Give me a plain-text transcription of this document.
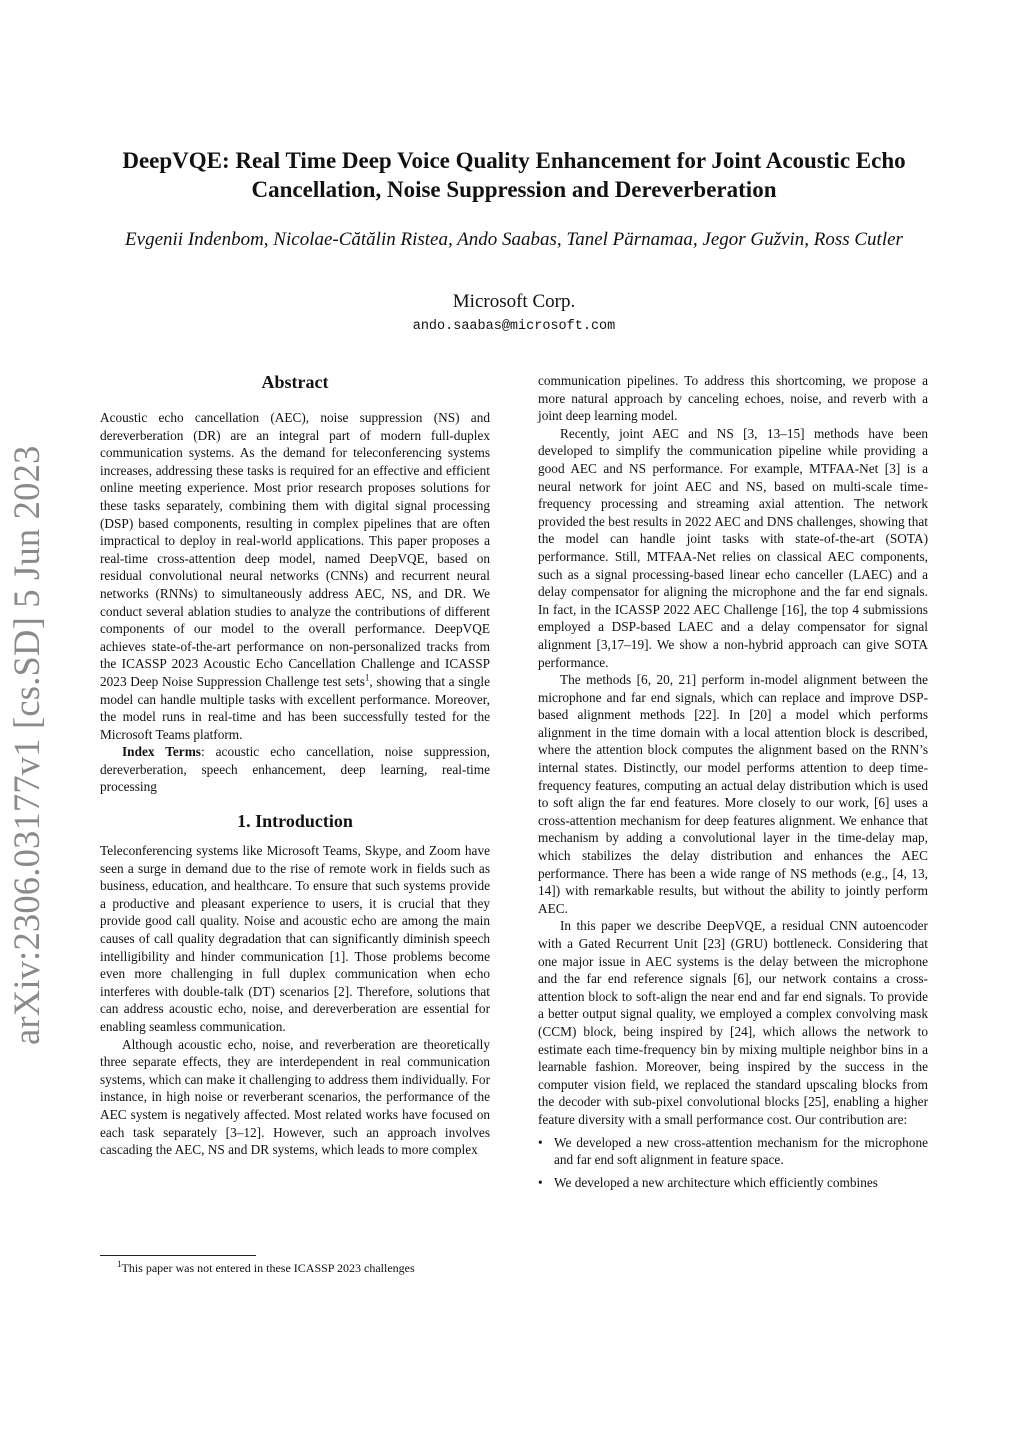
arXiv:2306.03177v1 [cs.SD] 5 Jun 2023
DeepVQE: Real Time Deep Voice Quality Enhancement for Joint Acoustic Echo Cancellation, Noise Suppression and Dereverberation
Evgenii Indenbom, Nicolae-Cătălin Ristea, Ando Saabas, Tanel Pärnamaa, Jegor Gužvin, Ross Cutler
Microsoft Corp.
ando.saabas@microsoft.com
Abstract

Acoustic echo cancellation (AEC), noise suppression (NS) and dereverberation (DR) are an integral part of modern full-duplex communication systems. As the demand for teleconferencing systems increases, addressing these tasks is required for an effective and efficient online meeting experience. Most prior research proposes solutions for these tasks separately, combining them with digital signal processing (DSP) based components, resulting in complex pipelines that are often impractical to deploy in real-world applications. This paper proposes a real-time cross-attention deep model, named DeepVQE, based on residual convolutional neural networks (CNNs) and recurrent neural networks (RNNs) to simultaneously address AEC, NS, and DR. We conduct several ablation studies to analyze the contributions of different components of our model to the overall performance. DeepVQE achieves state-of-the-art performance on non-personalized tracks from the ICASSP 2023 Acoustic Echo Cancellation Challenge and ICASSP 2023 Deep Noise Suppression Challenge test sets$^1$, showing that a single model can handle multiple tasks with excellent performance. Moreover, the model runs in real-time and has been successfully tested for the Microsoft Teams platform.

Index Terms: acoustic echo cancellation, noise suppression, dereverberation, speech enhancement, deep learning, real-time processing

1. Introduction

Teleconferencing systems like Microsoft Teams, Skype, and Zoom have seen a surge in demand due to the rise of remote work in fields such as business, education, and healthcare. To ensure that such systems provide a productive and pleasant experience to users, it is crucial that they provide good call quality. Noise and acoustic echo are among the main causes of call quality degradation that can significantly diminish speech intelligibility and hinder communication [1]. Those problems become even more challenging in full duplex communication when echo interferes with double-talk (DT) scenarios [2]. Therefore, solutions that can address acoustic echo, noise, and dereverberation are essential for enabling seamless communication.

Although acoustic echo, noise, and reverberation are theoretically three separate effects, they are interdependent in real communication systems, which can make it challenging to address them individually. For instance, in high noise or reverberant scenarios, the performance of the AEC system is negatively affected. Most related works have focused on each task separately [3–12]. However, such an approach involves cascading the AEC, NS and DR systems, which leads to more complex

communication pipelines. To address this shortcoming, we propose a more natural approach by canceling echoes, noise, and reverb with a joint deep learning model.

Recently, joint AEC and NS [3, 13–15] methods have been developed to simplify the communication pipeline while providing a good AEC and NS performance. For example, MTFAA-Net [3] is a neural network for joint AEC and NS, based on multi-scale time-frequency processing and streaming axial attention. The network provided the best results in 2022 AEC and DNS challenges, showing that the model can handle joint tasks with state-of-the-art (SOTA) performance. Still, MTFAA-Net relies on classical AEC components, such as a signal processing-based linear echo canceller (LAEC) and a delay compensator for aligning the microphone and the far end signals. In fact, in the ICASSP 2022 AEC Challenge [16], the top 4 submissions employed a DSP-based LAEC and a delay compensator for signal alignment [3,17–19]. We show a non-hybrid approach can give SOTA performance.

The methods [6, 20, 21] perform in-model alignment between the microphone and far end signals, which can replace and improve DSP-based alignment methods [22]. In [20] a model which performs alignment in the time domain with a local attention block is described, where the attention block computes the alignment based on the RNN’s internal states. Distinctly, our model performs attention to deep time-frequency features, computing an actual delay distribution which is used to soft align the far end features. More closely to our work, [6] uses a cross-attention mechanism for deep features alignment. We enhance that mechanism by adding a convolutional layer in the time-delay map, which stabilizes the delay distribution and enhances the AEC performance. There has been a wide range of NS methods (e.g., [4, 13, 14]) with remarkable results, but without the ability to jointly perform AEC.

In this paper we describe DeepVQE, a residual CNN autoencoder with a Gated Recurrent Unit [23] (GRU) bottleneck. Considering that one major issue in AEC systems is the delay between the microphone and the far end reference signals [6], our network contains a cross-attention block to soft-align the near end and far end signals. To provide a better output signal quality, we employed a complex convolving mask (CCM) block, being inspired by [24], which allows the network to estimate each time-frequency bin by mixing multiple neighbor bins in a learnable fashion. Moreover, being inspired by the success in the computer vision field, we replaced the standard upscaling blocks from the decoder with sub-pixel convolutional blocks [25], enabling a higher feature diversity with a small performance cost. Our contribution are:

• We developed a new cross-attention mechanism for the microphone and far end soft alignment in feature space.
• We developed a new architecture which efficiently combines
$^1$This paper was not entered in these ICASSP 2023 challenges
